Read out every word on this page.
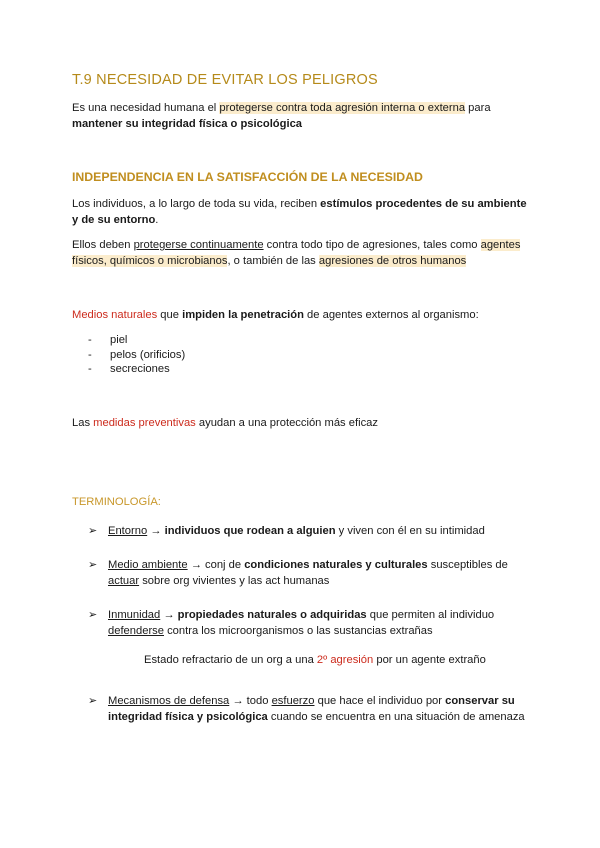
T.9 NECESIDAD DE EVITAR LOS PELIGROS
Es una necesidad humana el protegerse contra toda agresión interna o externa para
mantener su integridad física o psicológica
INDEPENDENCIA EN LA SATISFACCIÓN DE LA NECESIDAD
Los individuos, a lo largo de toda su vida, reciben estímulos procedentes de su ambiente y de su entorno.
Ellos deben protegerse continuamente contra todo tipo de agresiones, tales como agentes físicos, químicos o microbianos, o también de las agresiones de otros humanos
Medios naturales que impiden la penetración de agentes externos al organismo:
-	piel
-	pelos (orificios)
-	secreciones
Las medidas preventivas ayudan a una protección más eficaz
TERMINOLOGÍA:
➢ Entorno → individuos que rodean a alguien y viven con él en su intimidad
➢ Medio ambiente → conj de condiciones naturales y culturales susceptibles de actuar sobre org vivientes y las act humanas
➢ Inmunidad → propiedades naturales o adquiridas que permiten al individuo defenderse contra los microorganismos o las sustancias extrañas
Estado refractario de un org a una 2º agresión por un agente extraño
➢ Mecanismos de defensa → todo esfuerzo que hace el individuo por conservar su integridad física y psicológica cuando se encuentra en una situación de amenaza
